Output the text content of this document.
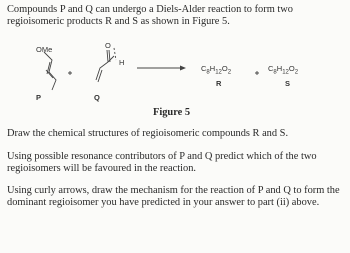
Compounds P and Q can undergo a Diels-Alder reaction to form two regioisomeric products R and S as shown in Figure 5.

OMe
P
O
H
Q
$C_8H_{12}O_2$
R
$C_8H_{12}O_2$
S

Figure 5

Draw the chemical structures of regioisomeric compounds R and S.

Using possible resonance contributors of P and Q predict which of the two regioisomers will be favoured in the reaction.

Using curly arrows, draw the mechanism for the reaction of P and Q to form the dominant regioisomer you have predicted in your answer to part (ii) above.
